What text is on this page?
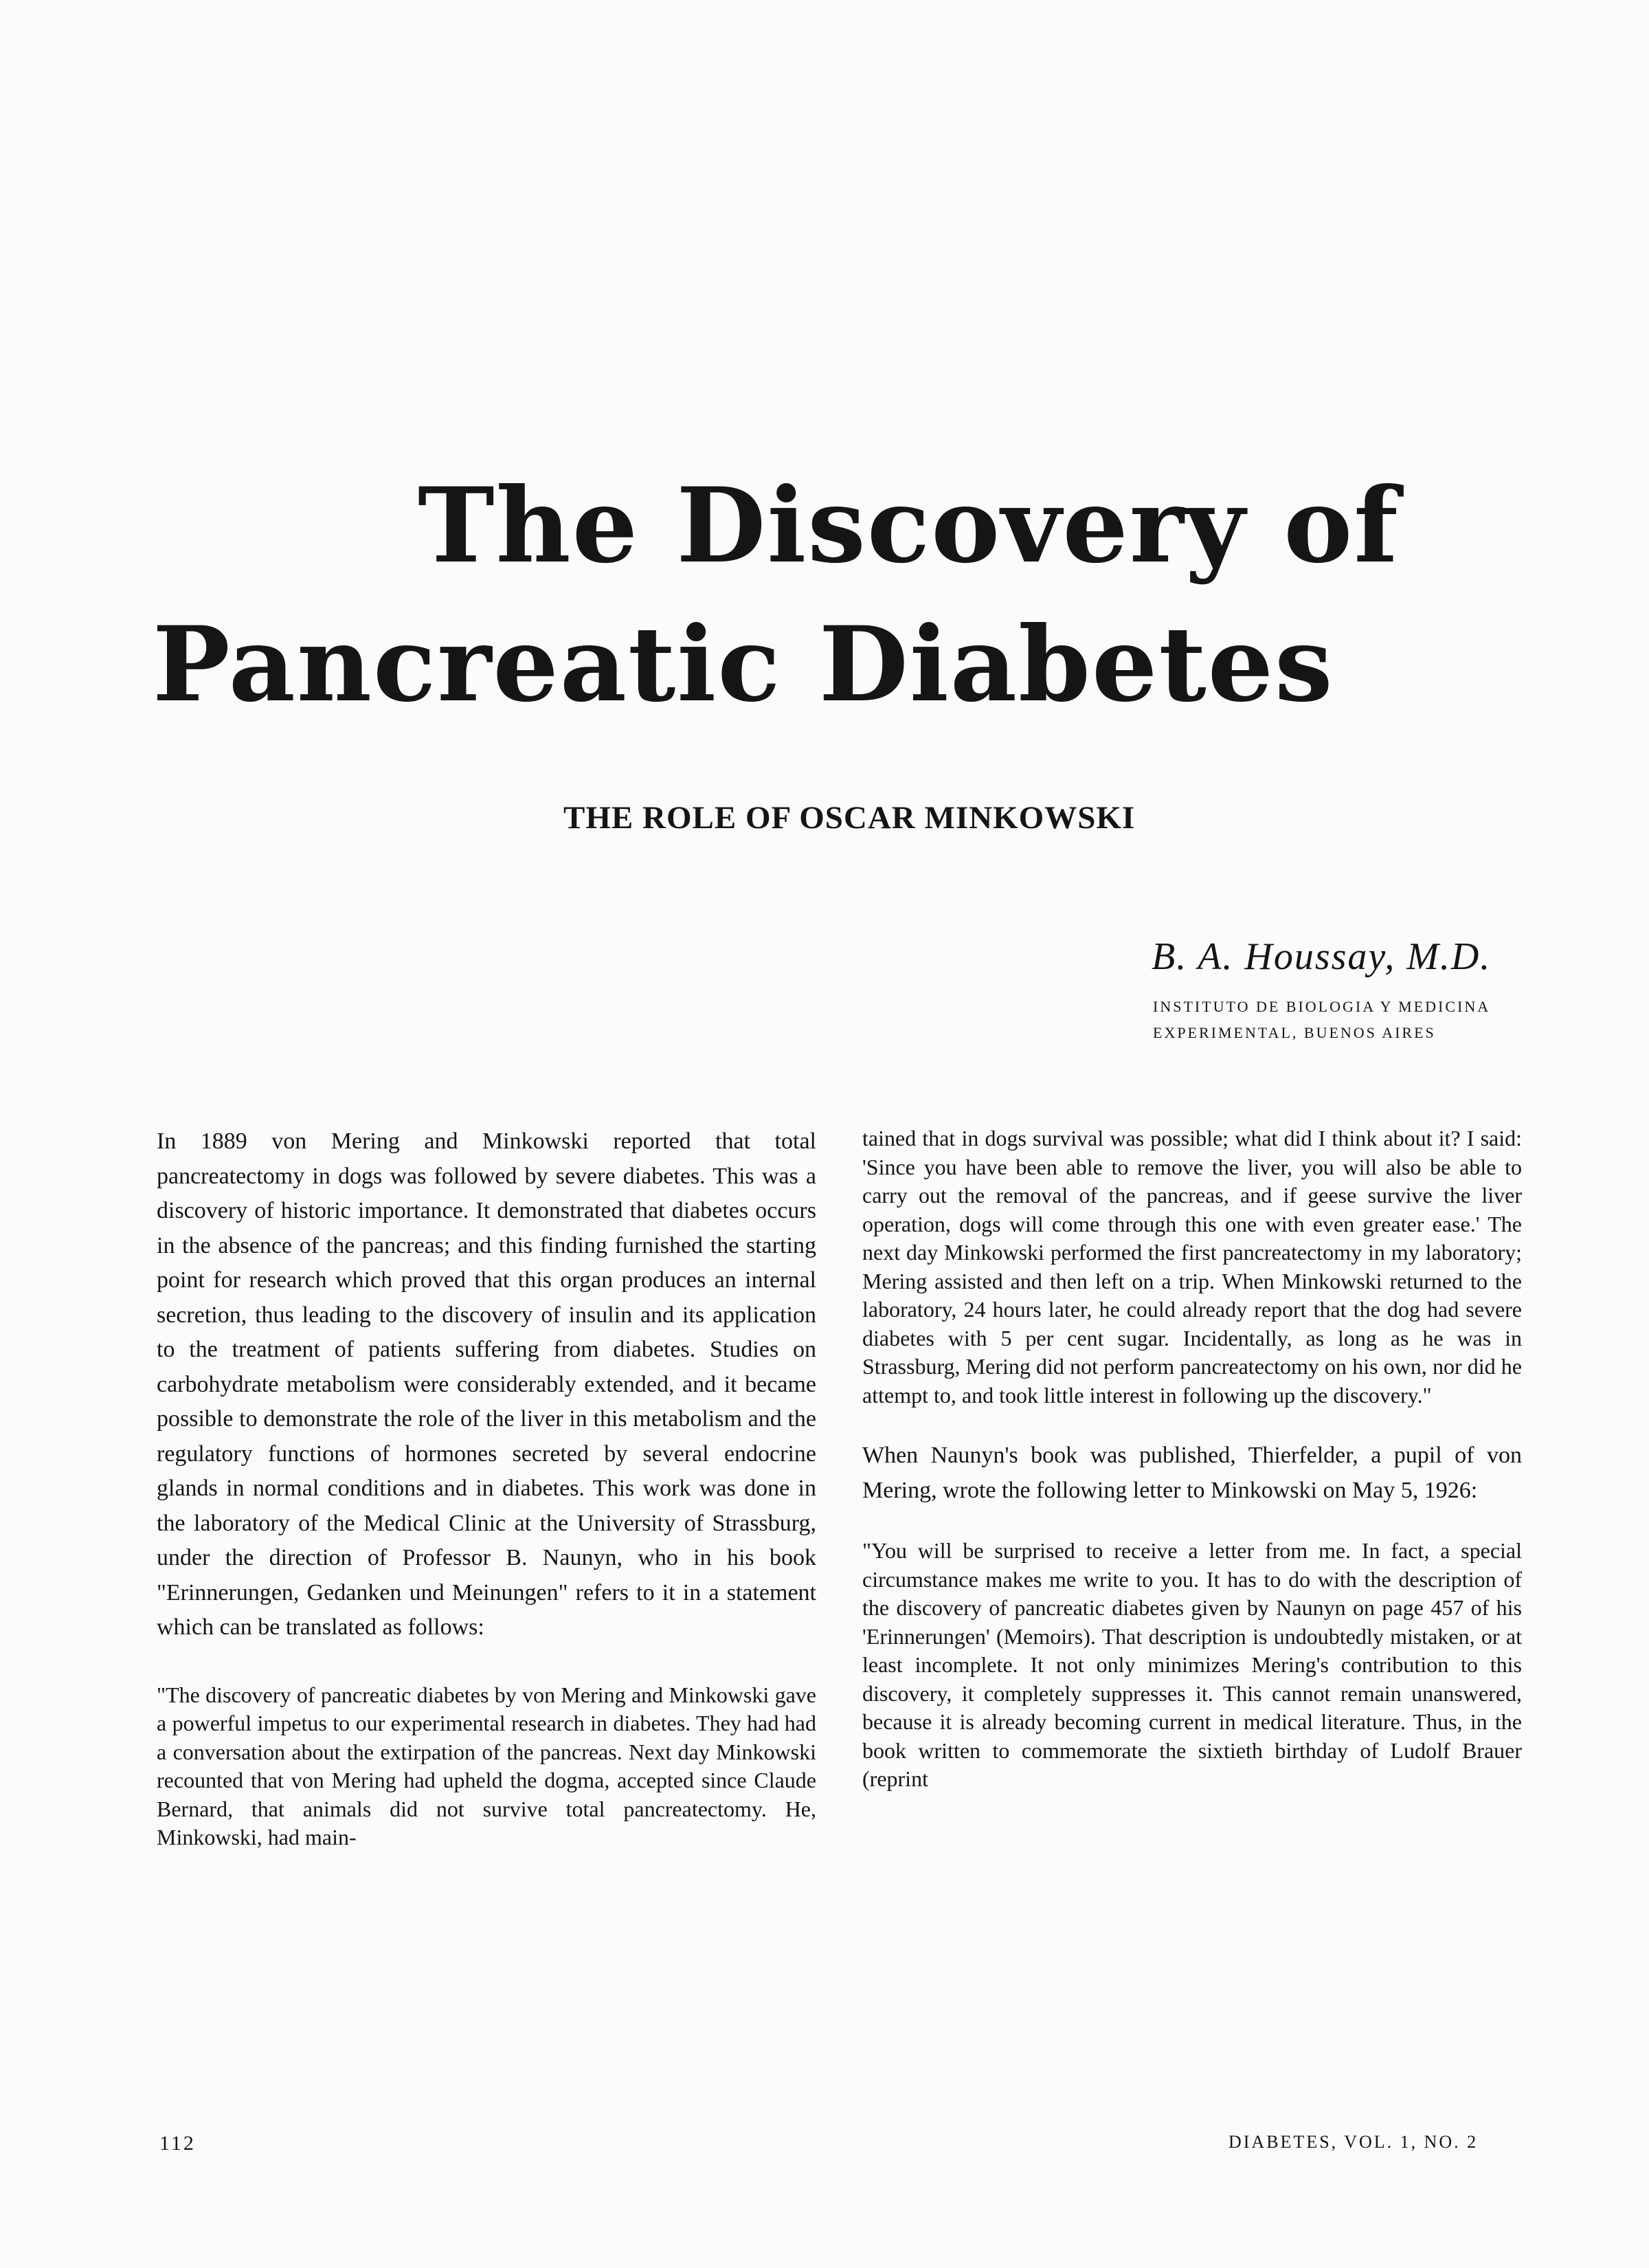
The Discovery of
Pancreatic Diabetes
THE ROLE OF OSCAR MINKOWSKI
B. A. Houssay, M.D.
INSTITUTO DE BIOLOGIA Y MEDICINA
EXPERIMENTAL, BUENOS AIRES

In 1889 von Mering and Minkowski reported that total pancreatectomy in dogs was followed by severe diabetes. This was a discovery of historic importance. It demonstrated that diabetes occurs in the absence of the pancreas; and this finding furnished the starting point for research which proved that this organ produces an internal secretion, thus leading to the discovery of insulin and its application to the treatment of patients suffering from diabetes. Studies on carbohydrate metabolism were considerably extended, and it became possible to demonstrate the role of the liver in this metabolism and the regulatory functions of hormones secreted by several endocrine glands in normal conditions and in diabetes. This work was done in the laboratory of the Medical Clinic at the University of Strassburg, under the direction of Professor B. Naunyn, who in his book "Erinnerungen, Gedanken und Meinungen" refers to it in a statement which can be translated as follows:

"The discovery of pancreatic diabetes by von Mering and Minkowski gave a powerful impetus to our experimental research in diabetes. They had had a conversation about the extirpation of the pancreas. Next day Minkowski recounted that von Mering had upheld the dogma, accepted since Claude Bernard, that animals did not survive total pancreatectomy. He, Minkowski, had main-

tained that in dogs survival was possible; what did I think about it? I said: 'Since you have been able to remove the liver, you will also be able to carry out the removal of the pancreas, and if geese survive the liver operation, dogs will come through this one with even greater ease.' The next day Minkowski performed the first pancreatectomy in my laboratory; Mering assisted and then left on a trip. When Minkowski returned to the laboratory, 24 hours later, he could already report that the dog had severe diabetes with 5 per cent sugar. Incidentally, as long as he was in Strassburg, Mering did not perform pancreatectomy on his own, nor did he attempt to, and took little interest in following up the discovery."

When Naunyn's book was published, Thierfelder, a pupil of von Mering, wrote the following letter to Minkowski on May 5, 1926:

"You will be surprised to receive a letter from me. In fact, a special circumstance makes me write to you. It has to do with the description of the discovery of pancreatic diabetes given by Naunyn on page 457 of his 'Erinnerungen' (Memoirs). That description is undoubtedly mistaken, or at least incomplete. It not only minimizes Mering's contribution to this discovery, it completely suppresses it. This cannot remain unanswered, because it is already becoming current in medical literature. Thus, in the book written to commemorate the sixtieth birthday of Ludolf Brauer (reprint

112	DIABETES, VOL. 1, NO. 2
